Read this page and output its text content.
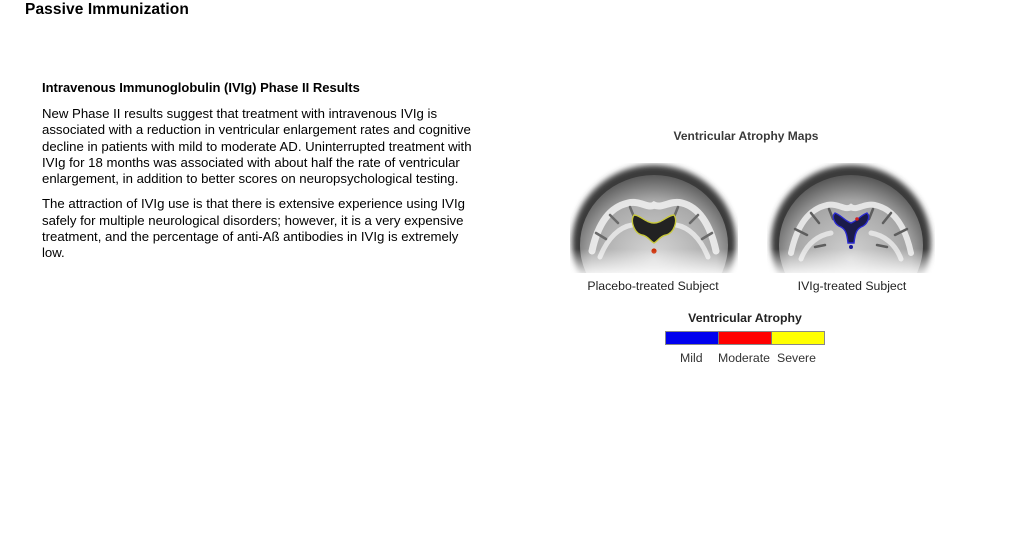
Passive Immunization
Intravenous Immunoglobulin (IVIg) Phase II Results

New Phase II results suggest that treatment with intravenous IVIg is associated with a reduction in ventricular enlargement rates and cognitive decline in patients with mild to moderate AD. Uninterrupted treatment with IVIg for 18 months was associated with about half the rate of ventricular enlargement, in addition to better scores on neuropsychological testing.

The attraction of IVIg use is that there is extensive experience using IVIg safely for multiple neurological disorders; however, it is a very expensive treatment, and the percentage of anti-Aß antibodies in IVIg is extremely low.

Ventricular Atrophy Maps
Placebo-treated Subject	IVIg-treated Subject
Ventricular Atrophy
Mild Moderate Severe
